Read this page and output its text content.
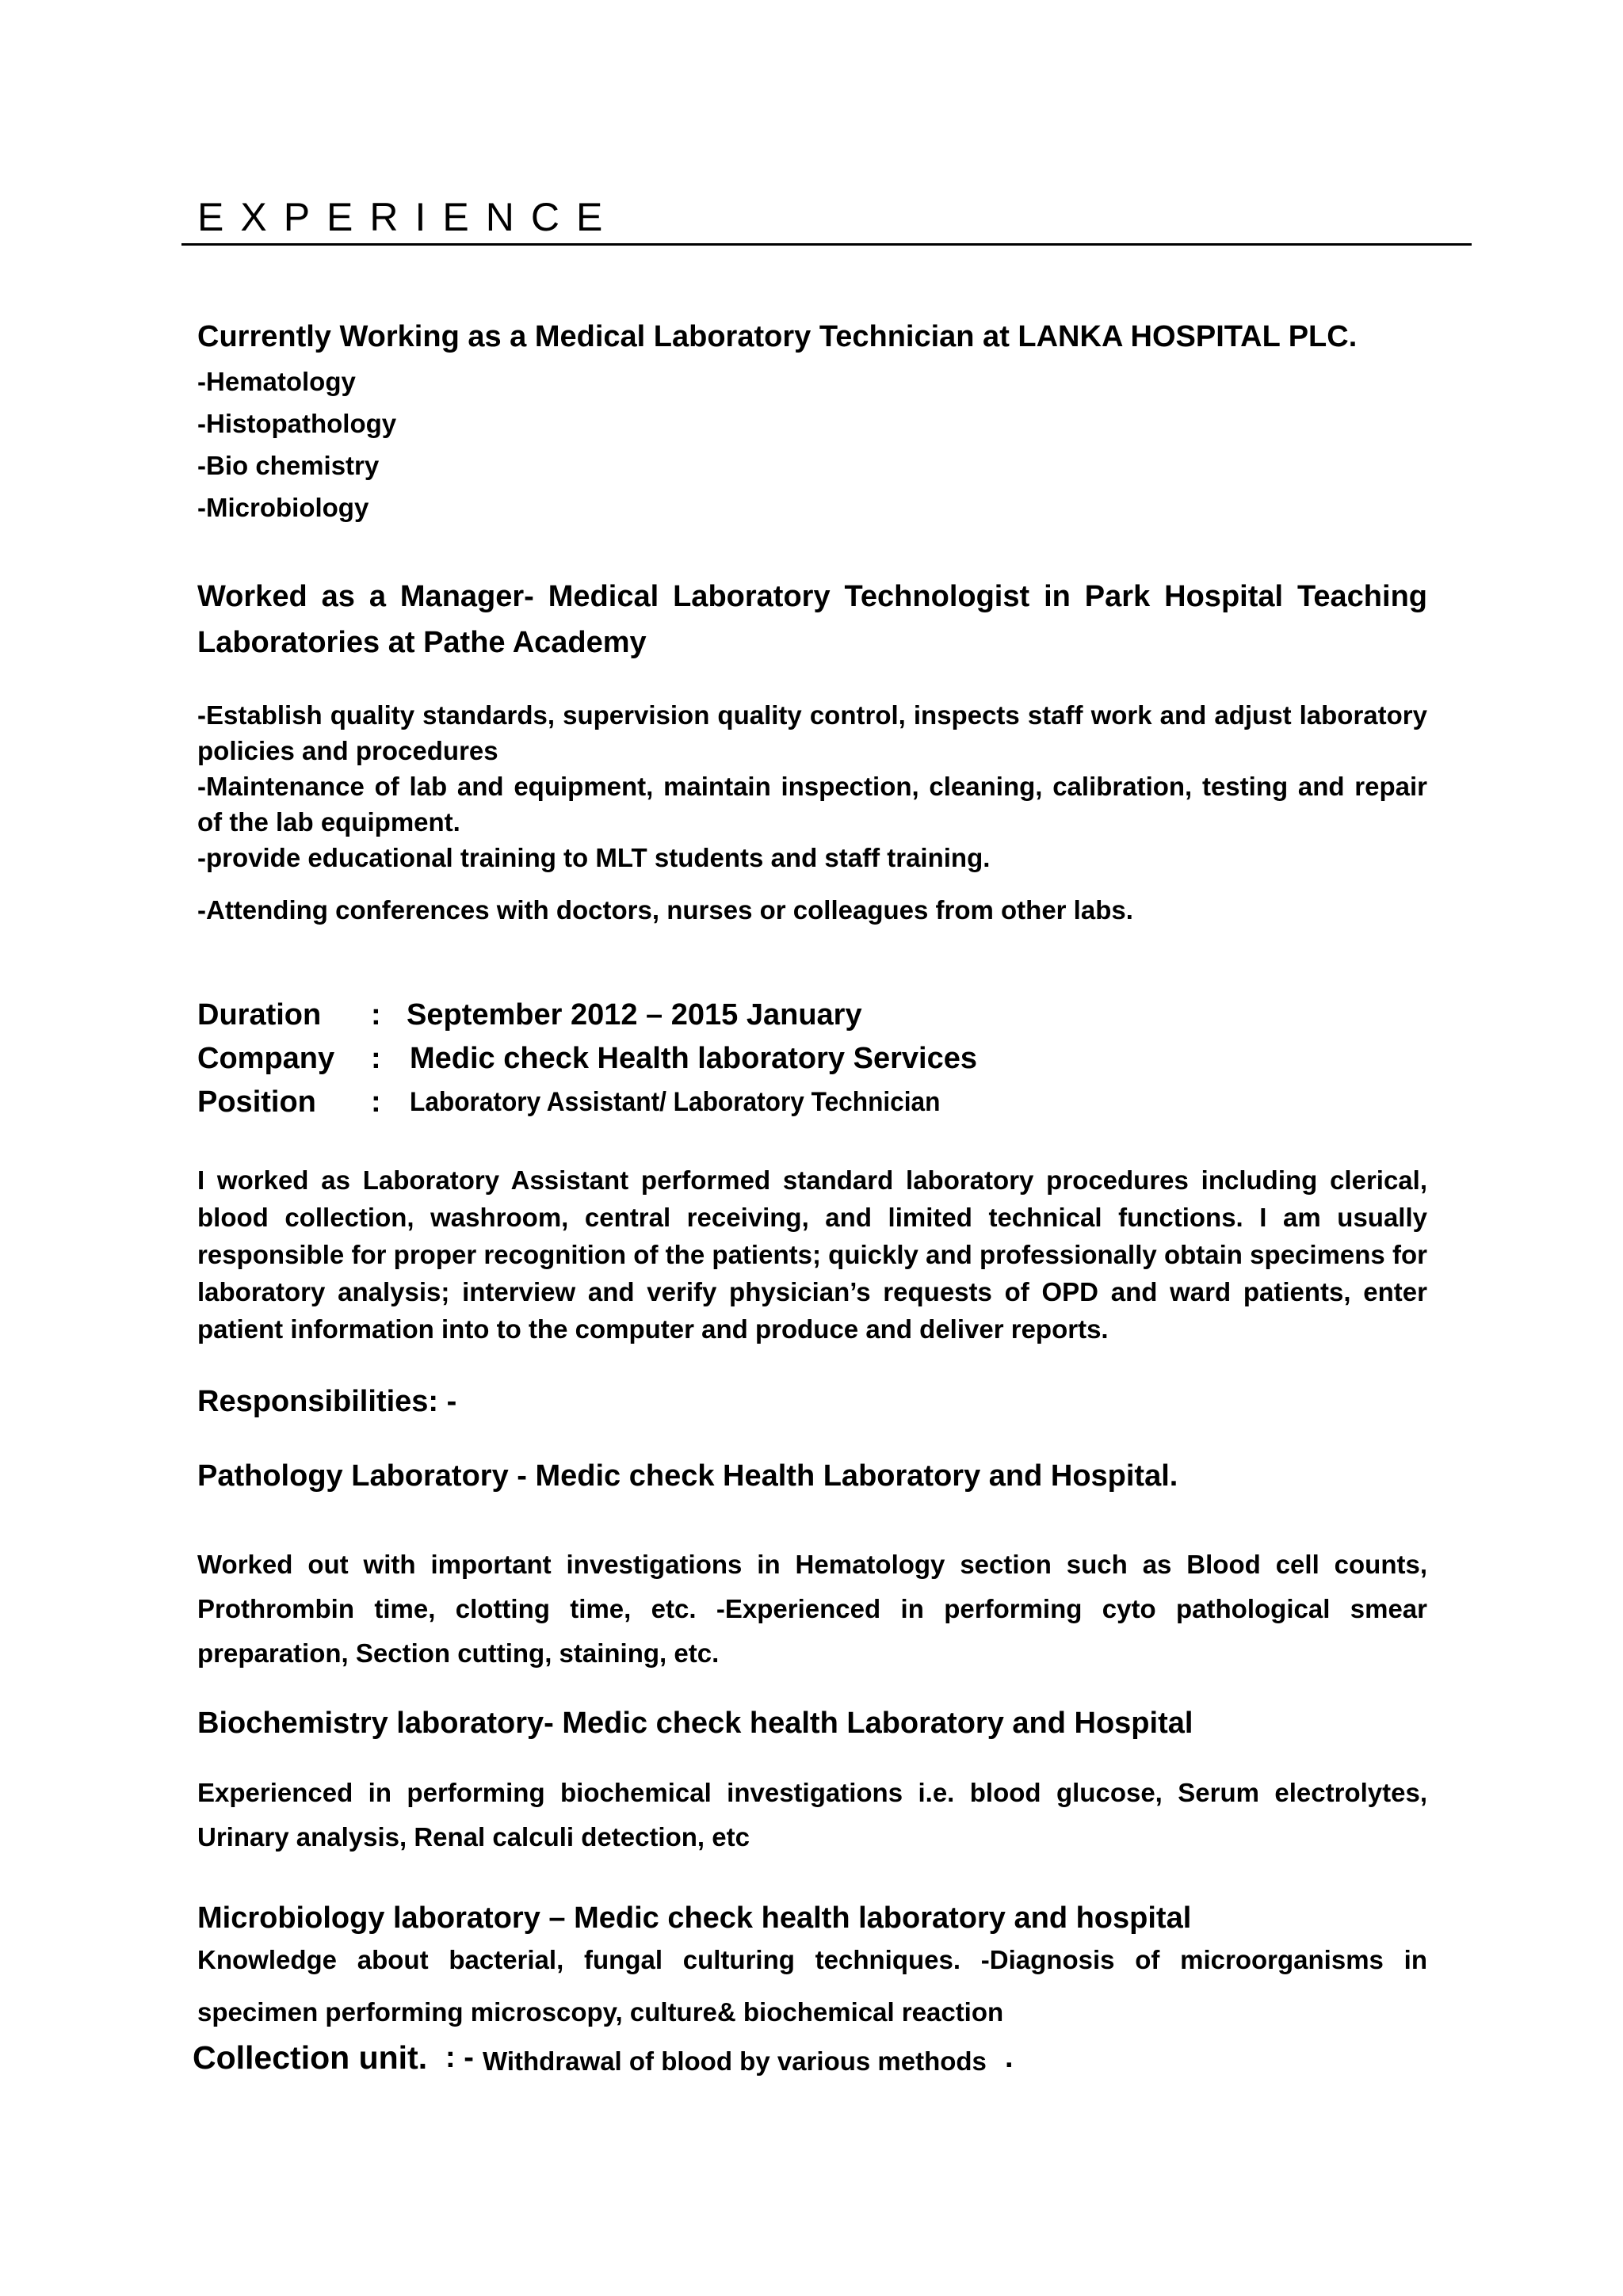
EXPERIENCE

Currently Working as a Medical Laboratory Technician at LANKA HOSPITAL PLC.

-Hematology

-Histopathology

-Bio chemistry

-Microbiology

Worked as a Manager- Medical Laboratory Technologist in Park Hospital Teaching Laboratories at Pathe Academy

-Establish quality standards, supervision quality control, inspects staff work and adjust laboratory policies and procedures

-Maintenance of lab and equipment, maintain inspection, cleaning, calibration, testing and repair of the lab equipment.

-provide educational training to MLT students and staff training.

-Attending conferences with doctors, nurses or colleagues from other labs.

Duration : September 2012 – 2015 January

Company : Medic check Health laboratory Services

Position : Laboratory Assistant/ Laboratory Technician

I worked as Laboratory Assistant performed standard laboratory procedures including clerical, blood collection, washroom, central receiving, and limited technical functions. I am usually responsible for proper recognition of the patients; quickly and professionally obtain specimens for laboratory analysis; interview and verify physician’s requests of OPD and ward patients, enter patient information into to the computer and produce and deliver reports.

Responsibilities: -

Pathology Laboratory - Medic check Health Laboratory and Hospital.

Worked out with important investigations in Hematology section such as Blood cell counts, Prothrombin time, clotting time, etc. -Experienced in performing cyto pathological smear preparation, Section cutting, staining, etc.

Biochemistry laboratory- Medic check health Laboratory and Hospital

Experienced in performing biochemical investigations i.e. blood glucose, Serum electrolytes, Urinary analysis, Renal calculi detection, etc

Microbiology laboratory – Medic check health laboratory and hospital

Knowledge about bacterial, fungal culturing techniques. -Diagnosis of microorganisms in specimen performing microscopy, culture& biochemical reaction

Collection unit. : - Withdrawal of blood by various methods .
